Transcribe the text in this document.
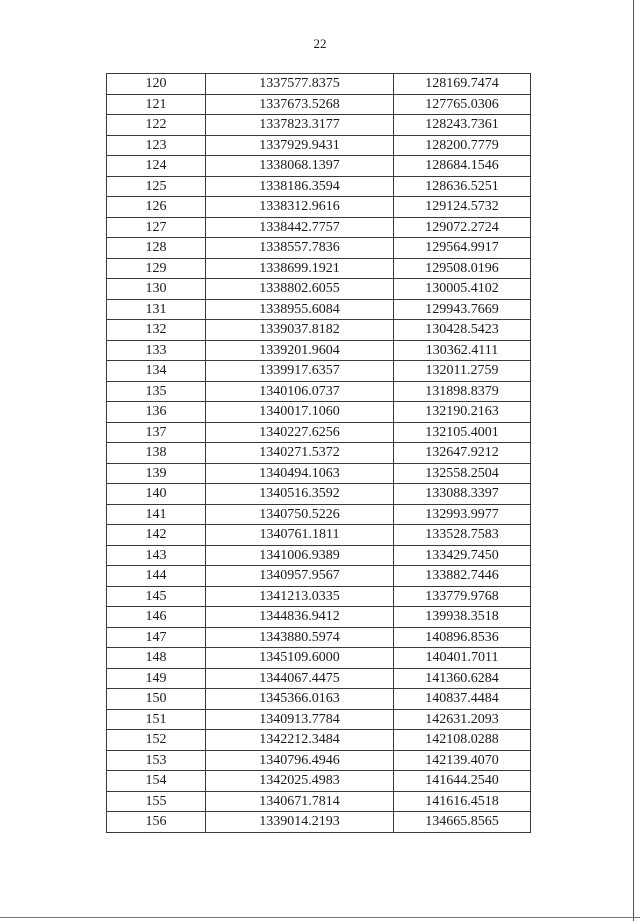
22
120	1337577.8375	128169.7474
121	1337673.5268	127765.0306
122	1337823.3177	128243.7361
123	1337929.9431	128200.7779
124	1338068.1397	128684.1546
125	1338186.3594	128636.5251
126	1338312.9616	129124.5732
127	1338442.7757	129072.2724
128	1338557.7836	129564.9917
129	1338699.1921	129508.0196
130	1338802.6055	130005.4102
131	1338955.6084	129943.7669
132	1339037.8182	130428.5423
133	1339201.9604	130362.4111
134	1339917.6357	132011.2759
135	1340106.0737	131898.8379
136	1340017.1060	132190.2163
137	1340227.6256	132105.4001
138	1340271.5372	132647.9212
139	1340494.1063	132558.2504
140	1340516.3592	133088.3397
141	1340750.5226	132993.9977
142	1340761.1811	133528.7583
143	1341006.9389	133429.7450
144	1340957.9567	133882.7446
145	1341213.0335	133779.9768
146	1344836.9412	139938.3518
147	1343880.5974	140896.8536
148	1345109.6000	140401.7011
149	1344067.4475	141360.6284
150	1345366.0163	140837.4484
151	1340913.7784	142631.2093
152	1342212.3484	142108.0288
153	1340796.4946	142139.4070
154	1342025.4983	141644.2540
155	1340671.7814	141616.4518
156	1339014.2193	134665.8565
